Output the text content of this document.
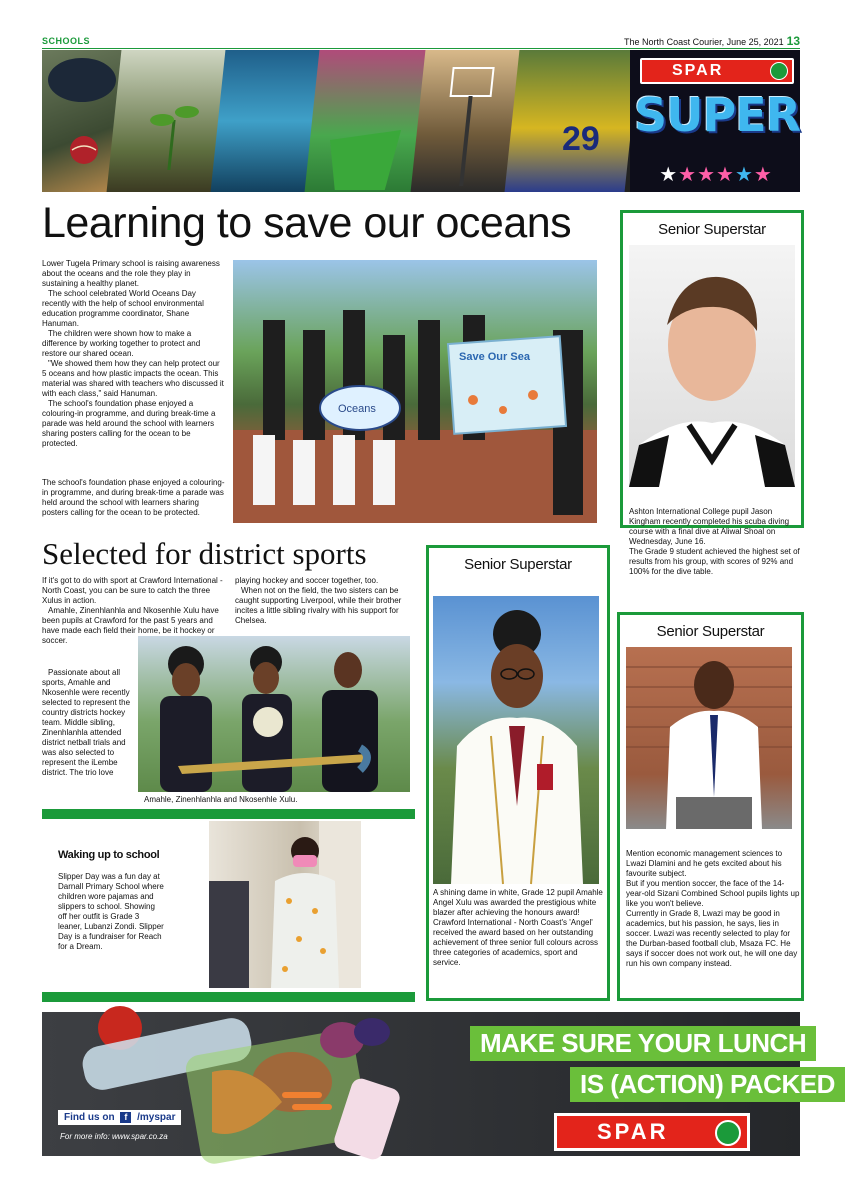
SCHOOLS	The North Coast Courier, June 25, 2021 13
29
SPAR
SUPER
★★★★★★
Learning to save our oceans

Lower Tugela Primary school is raising awareness about the oceans and the role they play in sustaining a healthy planet.

The school celebrated World Oceans Day recently with the help of school environmental education programme coordinator, Shane Hanuman.

The children were shown how to make a difference by working together to protect and restore our shared ocean.

"We showed them how they can help protect our 5 oceans and how plastic impacts the ocean. This material was shared with teachers who discussed it with each class," said Hanuman.

The school's foundation phase enjoyed a colouring-in programme, and during break-time a parade was held around the school with learners sharing posters calling for the ocean to be protected.

The school's foundation phase enjoyed a colouring-in programme, and during break-time a parade was held around the school with learners sharing posters calling for the ocean to be protected.
Save Our Sea
Oceans
Senior Superstar
Ashton International College pupil Jason Kingham recently completed his scuba diving course with a final dive at Aliwal Shoal on Wednesday, June 16.
The Grade 9 student achieved the highest set of results from his group, with scores of 92% and 100% for the dive table.
Selected for district sports

If it's got to do with sport at Crawford International - North Coast, you can be sure to catch the three Xulus in action.

Amahle, Zinenhlanhla and Nkosenhle Xulu have been pupils at Crawford for the past 5 years and have made each field their home, be it hockey or soccer.

Passionate about all sports, Amahle and Nkosenhle were recently selected to represent the country districts hockey team. Middle sibling, Zinenhlanhla attended district netball trials and was also selected to represent the iLembe district. The trio love

playing hockey and soccer together, too.

When not on the field, the two sisters can be caught supporting Liverpool, while their brother incites a little sibling rivalry with his support for Chelsea.

Amahle, Zinenhlanhla and Nkosenhle Xulu.
Senior Superstar
A shining dame in white, Grade 12 pupil Amahle Angel Xulu was awarded the prestigious white blazer after achieving the honours award!
Crawford International - North Coast's 'Angel' received the award based on her outstanding achievement of three senior full colours across three categories of academics, sport and service.
Senior Superstar
Mention economic management sciences to Lwazi Dlamini and he gets excited about his favourite subject.
But if you mention soccer, the face of the 14-year-old Sizani Combined School pupils lights up like you won't believe.
Currently in Grade 8, Lwazi may be good in academics, but his passion, he says, lies in soccer. Lwazi was recently selected to play for the Durban-based football club, Msaza FC. He says if soccer does not work out, he will one day run his own company instead.
Waking up to school
Slipper Day was a fun day at Darnall Primary School where children wore pajamas and slippers to school. Showing off her outfit is Grade 3 leaner, Lubanzi Zondi. Slipper Day is a fundraiser for Reach for a Dream.
MAKE SURE YOUR LUNCH
IS (ACTION) PACKED
SPAR
Find us on f /myspar
For more info: www.spar.co.za
